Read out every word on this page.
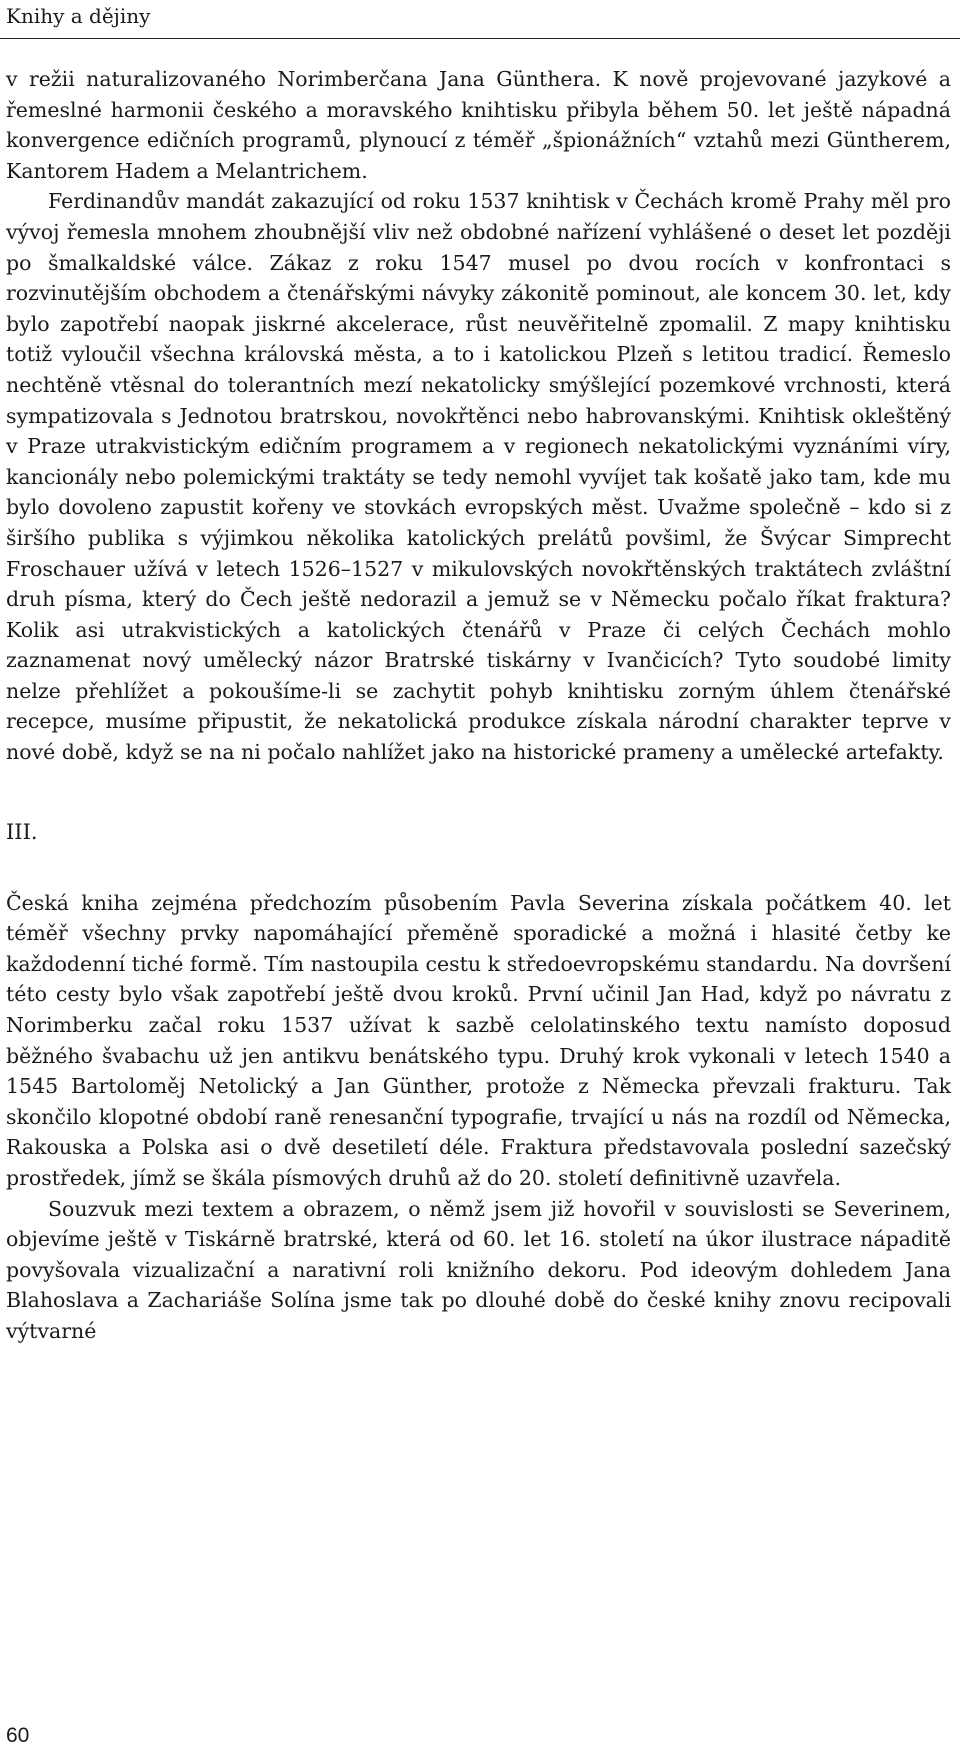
Knihy a dějiny

v režii naturalizovaného Norimberčana Jana Günthera. K nově projevované jazykové a řemeslné harmonii českého a moravského knihtisku přibyla během 50. let ještě nápadná konvergence edičních programů, plynoucí z téměř „špionážních“ vztahů mezi Güntherem, Kantorem Hadem a Melantrichem.

Ferdinandův mandát zakazující od roku 1537 knihtisk v Čechách kromě Prahy měl pro vývoj řemesla mnohem zhoubnější vliv než obdobné nařízení vyhlášené o deset let později po šmalkaldské válce. Zákaz z roku 1547 musel po dvou rocích v konfrontaci s rozvinutějším obchodem a čtenářskými návyky zákonitě pominout, ale koncem 30. let, kdy bylo zapotřebí naopak jiskrné akcelerace, růst neuvěřitelně zpomalil. Z mapy knihtisku totiž vyloučil všechna královská města, a to i katolickou Plzeň s letitou tradicí. Řemeslo nechtěně vtěsnal do tolerantních mezí nekatolicky smýšlející pozemkové vrchnosti, která sympatizovala s Jednotou bratrskou, novokřtěnci nebo habrovanskými. Knihtisk okleštěný v Praze utrakvistickým edičním programem a v regionech nekatolickými vyznáními víry, kancionály nebo polemickými traktáty se tedy nemohl vyvíjet tak košatě jako tam, kde mu bylo dovoleno zapustit kořeny ve stovkách evropských měst. Uvažme společně – kdo si z širšího publika s výjimkou několika katolických prelátů povšiml, že Švýcar Simprecht Froschauer užívá v letech 1526–1527 v mikulovských novokřtěnských traktátech zvláštní druh písma, který do Čech ještě nedorazil a jemuž se v Německu počalo říkat fraktura? Kolik asi utrakvistických a katolických čtenářů v Praze či celých Čechách mohlo zaznamenat nový umělecký názor Bratrské tiskárny v Ivančicích? Tyto soudobé limity nelze přehlížet a pokoušíme-li se zachytit pohyb knihtisku zorným úhlem čtenářské recepce, musíme připustit, že nekatolická produkce získala národní charakter teprve v nové době, když se na ni počalo nahlížet jako na historické prameny a umělecké artefakty.

III.

Česká kniha zejména předchozím působením Pavla Severina získala počátkem 40. let téměř všechny prvky napomáhající přeměně sporadické a možná i hlasité četby ke každodenní tiché formě. Tím nastoupila cestu k středoevropskému standardu. Na dovršení této cesty bylo však zapotřebí ještě dvou kroků. První učinil Jan Had, když po návratu z Norimberku začal roku 1537 užívat k sazbě celolatinského textu namísto doposud běžného švabachu už jen antikvu benátského typu. Druhý krok vykonali v letech 1540 a 1545 Bartoloměj Netolický a Jan Günther, protože z Německa převzali frakturu. Tak skončilo klopotné období raně renesanční typografie, trvající u nás na rozdíl od Německa, Rakouska a Polska asi o dvě desetiletí déle. Fraktura představovala poslední sazečský prostředek, jímž se škála písmových druhů až do 20. století definitivně uzavřela.

Souzvuk mezi textem a obrazem, o němž jsem již hovořil v souvislosti se Severinem, objevíme ještě v Tiskárně bratrské, která od 60. let 16. století na úkor ilustrace nápaditě povyšovala vizualizační a narativní roli knižního dekoru. Pod ideovým dohledem Jana Blahoslava a Zachariáše Solína jsme tak po dlouhé době do české knihy znovu recipovali výtvarné

60
